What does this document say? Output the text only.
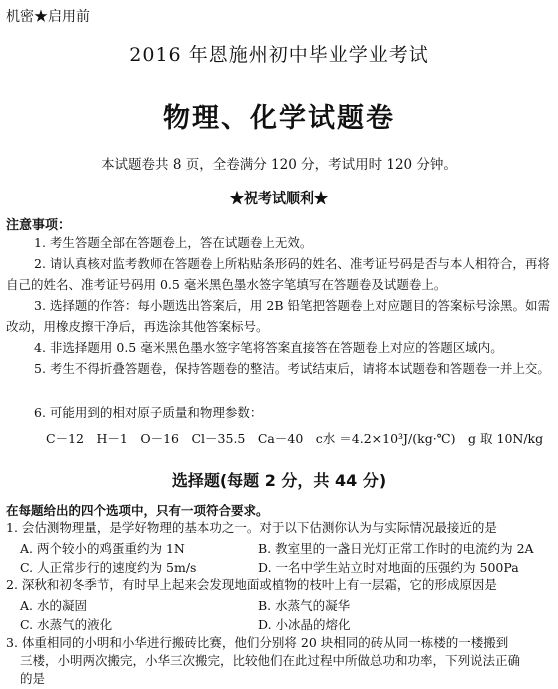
机密★启用前
2016 年恩施州初中毕业学业考试
物理、化学试题卷
本试题卷共 8 页，全卷满分 120 分，考试用时 120 分钟。
★祝考试顺利★
注意事项：
1. 考生答题全部在答题卷上，答在试题卷上无效。
2. 请认真核对监考教师在答题卷上所粘贴条形码的姓名、准考证号码是否与本人相符合，再将自己的姓名、准考证号码用 0.5 毫米黑色墨水签字笔填写在答题卷及试题卷上。
3. 选择题的作答：每小题选出答案后，用 2B 铅笔把答题卷上对应题目的答案标号涂黑。如需改动，用橡皮擦干净后，再选涂其他答案标号。
4. 非选择题用 0.5 毫米黑色墨水签字笔将答案直接答在答题卷上对应的答题区域内。
5. 考生不得折叠答题卷，保持答题卷的整洁。考试结束后，请将本试题卷和答题卷一并上交。
6. 可能用到的相对原子质量和物理参数：
C－12　H－1　O－16　Cl－35.5　Ca－40　c水 ＝4.2×10³J/(kg·℃)　g 取 10N/kg
选择题(每题 2 分，共 44 分)
在每题给出的四个选项中，只有一项符合要求。
1. 会估测物理量，是学好物理的基本功之一。对于以下估测你认为与实际情况最接近的是
A. 两个较小的鸡蛋重约为 1N	B. 教室里的一盏日光灯正常工作时的电流约为 2A
C. 人正常步行的速度约为 5m/s	D. 一名中学生站立时对地面的压强约为 500Pa
2. 深秋和初冬季节，有时早上起来会发现地面或植物的枝叶上有一层霜，它的形成原因是
A. 水的凝固	B. 水蒸气的凝华
C. 水蒸气的液化	D. 小冰晶的熔化
3. 体重相同的小明和小华进行搬砖比赛，他们分别将 20 块相同的砖从同一栋楼的一楼搬到
三楼，小明两次搬完，小华三次搬完，比较他们在此过程中所做总功和功率，下列说法正确
的是
